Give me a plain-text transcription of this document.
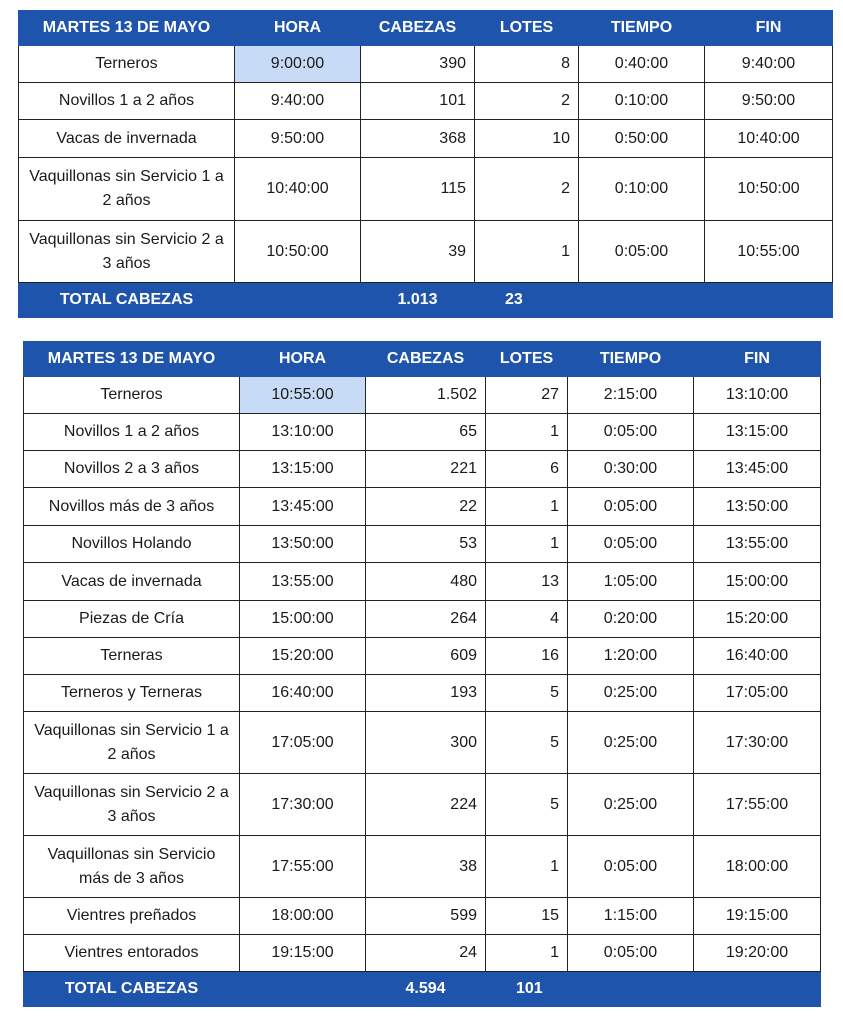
MARTES 13 DE MAYO	HORA	CABEZAS	LOTES	TIEMPO	FIN
Terneros	9:00:00	390	8	0:40:00	9:40:00
Novillos 1 a 2 años	9:40:00	101	2	0:10:00	9:50:00
Vacas de invernada	9:50:00	368	10	0:50:00	10:40:00
Vaquillonas sin Servicio 1 a 2 años	10:40:00	115	2	0:10:00	10:50:00
Vaquillonas sin Servicio 2 a 3 años	10:50:00	39	1	0:05:00	10:55:00
TOTAL CABEZAS		1.013	23		
MARTES 13 DE MAYO	HORA	CABEZAS	LOTES	TIEMPO	FIN
Terneros	10:55:00	1.502	27	2:15:00	13:10:00
Novillos 1 a 2 años	13:10:00	65	1	0:05:00	13:15:00
Novillos 2 a 3 años	13:15:00	221	6	0:30:00	13:45:00
Novillos más de 3 años	13:45:00	22	1	0:05:00	13:50:00
Novillos Holando	13:50:00	53	1	0:05:00	13:55:00
Vacas de invernada	13:55:00	480	13	1:05:00	15:00:00
Piezas de Cría	15:00:00	264	4	0:20:00	15:20:00
Terneras	15:20:00	609	16	1:20:00	16:40:00
Terneros y Terneras	16:40:00	193	5	0:25:00	17:05:00
Vaquillonas sin Servicio 1 a 2 años	17:05:00	300	5	0:25:00	17:30:00
Vaquillonas sin Servicio 2 a 3 años	17:30:00	224	5	0:25:00	17:55:00
Vaquillonas sin Servicio más de 3 años	17:55:00	38	1	0:05:00	18:00:00
Vientres preñados	18:00:00	599	15	1:15:00	19:15:00
Vientres entorados	19:15:00	24	1	0:05:00	19:20:00
TOTAL CABEZAS		4.594	101		
